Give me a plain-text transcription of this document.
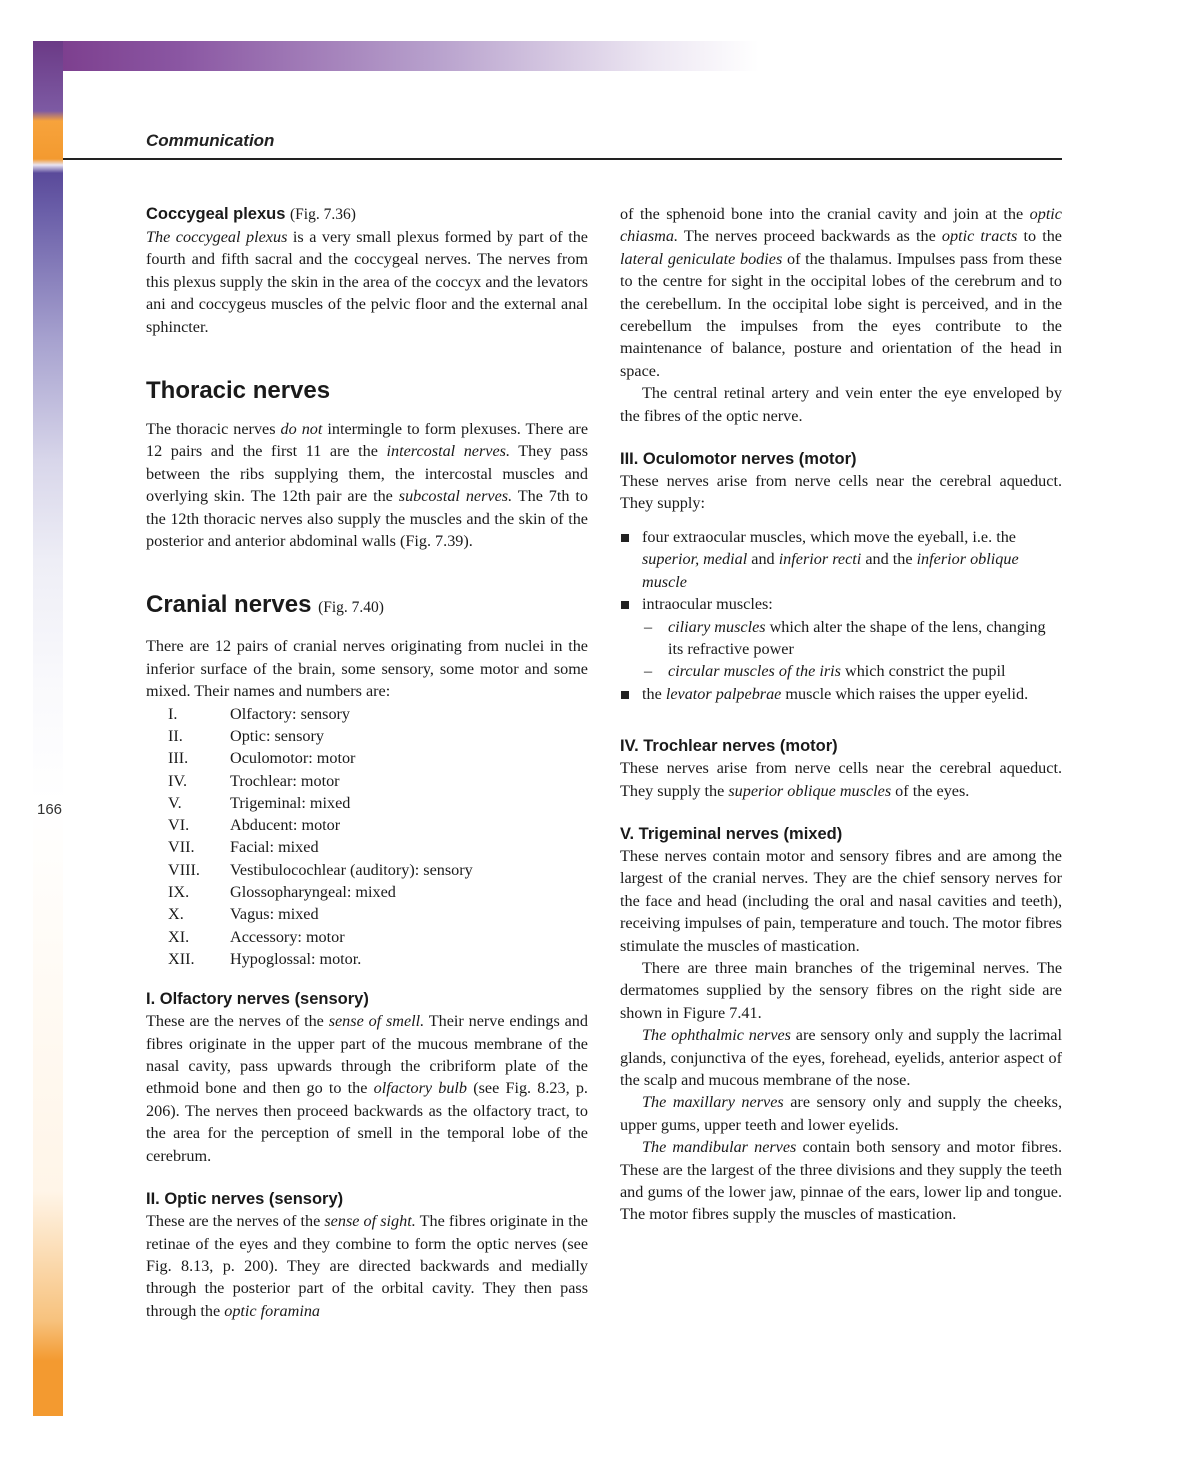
Communication
166

Coccygeal plexus (Fig. 7.36)

The coccygeal plexus is a very small plexus formed by part of the fourth and fifth sacral and the coccygeal nerves. The nerves from this plexus supply the skin in the area of the coccyx and the levators ani and coccygeus muscles of the pelvic floor and the external anal sphincter.

Thoracic nerves

The thoracic nerves do not intermingle to form plexuses. There are 12 pairs and the first 11 are the intercostal nerves. They pass between the ribs supplying them, the intercostal muscles and overlying skin. The 12th pair are the subcostal nerves. The 7th to the 12th thoracic nerves also supply the muscles and the skin of the posterior and anterior abdominal walls (Fig. 7.39).

Cranial nerves (Fig. 7.40)

There are 12 pairs of cranial nerves originating from nuclei in the inferior surface of the brain, some sensory, some motor and some mixed. Their names and numbers are:

I.	Olfactory: sensory
II.	Optic: sensory
III.	Oculomotor: motor
IV.	Trochlear: motor
V.	Trigeminal: mixed
VI.	Abducent: motor
VII.	Facial: mixed
VIII.	Vestibulocochlear (auditory): sensory
IX.	Glossopharyngeal: mixed
X.	Vagus: mixed
XI.	Accessory: motor
XII.	Hypoglossal: motor.

I. Olfactory nerves (sensory)

These are the nerves of the sense of smell. Their nerve endings and fibres originate in the upper part of the mucous membrane of the nasal cavity, pass upwards through the cribriform plate of the ethmoid bone and then go to the olfactory bulb (see Fig. 8.23, p. 206). The nerves then proceed backwards as the olfactory tract, to the area for the perception of smell in the temporal lobe of the cerebrum.

II. Optic nerves (sensory)

These are the nerves of the sense of sight. The fibres originate in the retinae of the eyes and they combine to form the optic nerves (see Fig. 8.13, p. 200). They are directed backwards and medially through the posterior part of the orbital cavity. They then pass through the optic foramina

of the sphenoid bone into the cranial cavity and join at the optic chiasma. The nerves proceed backwards as the optic tracts to the lateral geniculate bodies of the thalamus. Impulses pass from these to the centre for sight in the occipital lobes of the cerebrum and to the cerebellum. In the occipital lobe sight is perceived, and in the cerebellum the impulses from the eyes contribute to the maintenance of balance, posture and orientation of the head in space.

The central retinal artery and vein enter the eye enveloped by the fibres of the optic nerve.

III. Oculomotor nerves (motor)

These nerves arise from nerve cells near the cerebral aqueduct. They supply:

four extraocular muscles, which move the eyeball, i.e. the superior, medial and inferior recti and the inferior oblique muscle
intraocular muscles:
– ciliary muscles which alter the shape of the lens, changing its refractive power
– circular muscles of the iris which constrict the pupil
the levator palpebrae muscle which raises the upper eyelid.

IV. Trochlear nerves (motor)

These nerves arise from nerve cells near the cerebral aqueduct. They supply the superior oblique muscles of the eyes.

V. Trigeminal nerves (mixed)

These nerves contain motor and sensory fibres and are among the largest of the cranial nerves. They are the chief sensory nerves for the face and head (including the oral and nasal cavities and teeth), receiving impulses of pain, temperature and touch. The motor fibres stimulate the muscles of mastication.

There are three main branches of the trigeminal nerves. The dermatomes supplied by the sensory fibres on the right side are shown in Figure 7.41.

The ophthalmic nerves are sensory only and supply the lacrimal glands, conjunctiva of the eyes, forehead, eyelids, anterior aspect of the scalp and mucous membrane of the nose.

The maxillary nerves are sensory only and supply the cheeks, upper gums, upper teeth and lower eyelids.

The mandibular nerves contain both sensory and motor fibres. These are the largest of the three divisions and they supply the teeth and gums of the lower jaw, pinnae of the ears, lower lip and tongue. The motor fibres supply the muscles of mastication.
